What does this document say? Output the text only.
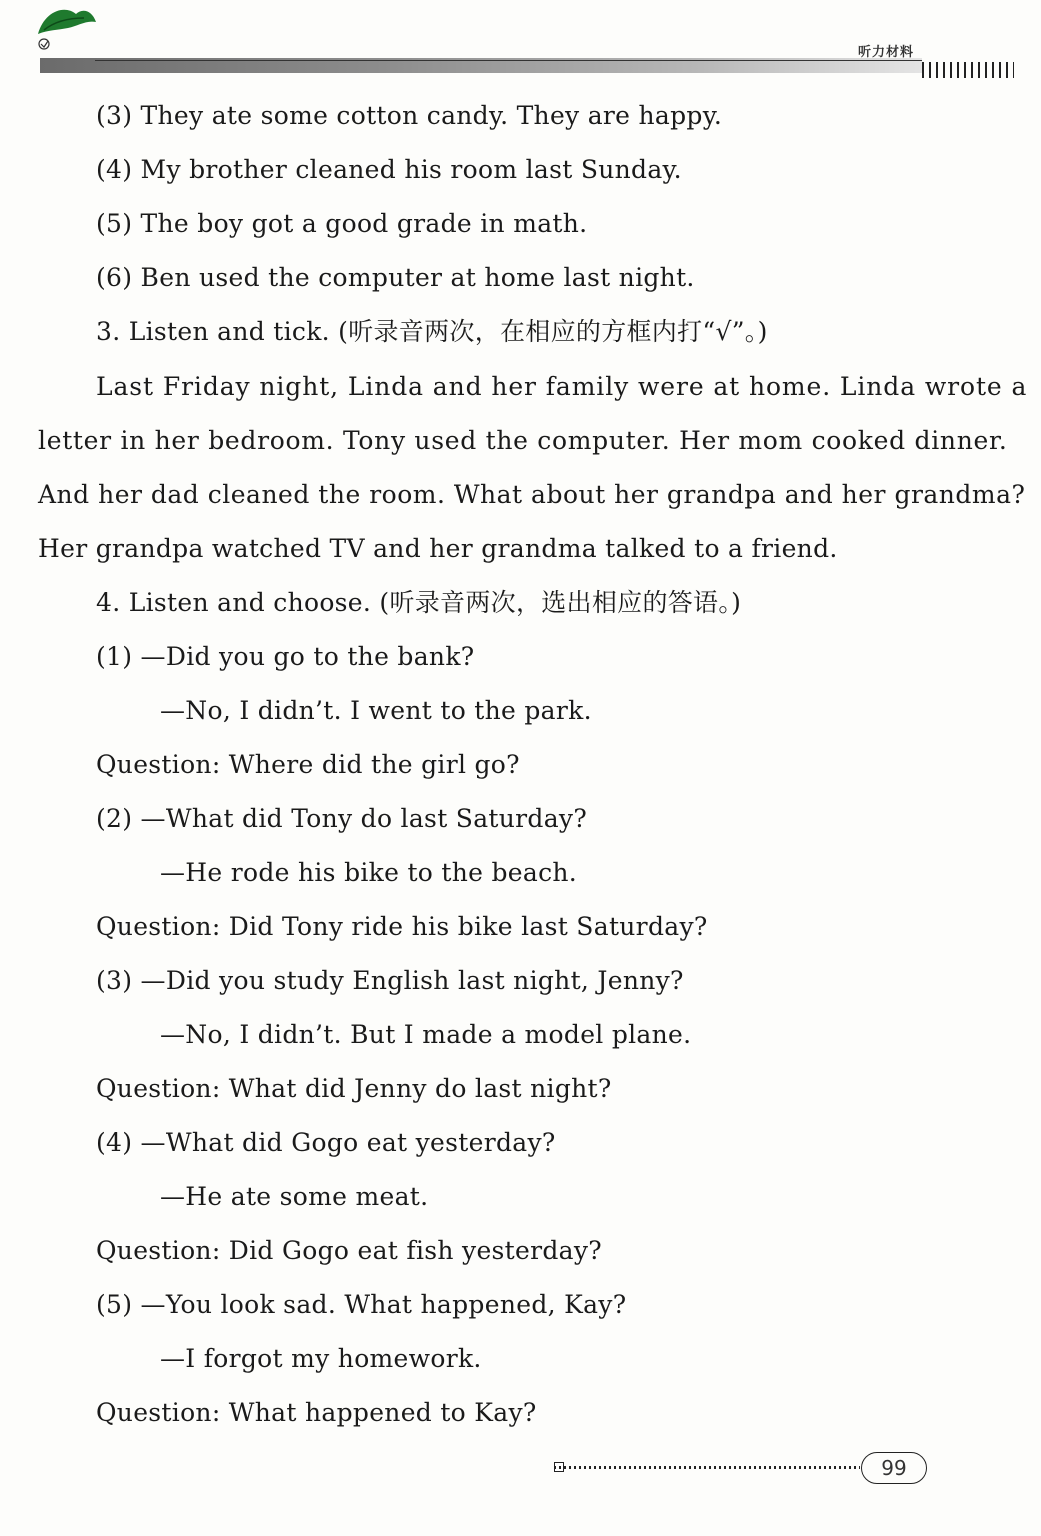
听力材料
(3) They ate some cotton candy. They are happy.
(4) My brother cleaned his room last Sunday.
(5) The boy got a good grade in math.
(6) Ben used the computer at home last night.
3. Listen and tick. (听录音两次，在相应的方框内打“√”。)
Last Friday night, Linda and her family were at home. Linda wrote a
letter in her bedroom. Tony used the computer. Her mom cooked dinner.
And her dad cleaned the room. What about her grandpa and her grandma?
Her grandpa watched TV and her grandma talked to a friend.
4. Listen and choose. (听录音两次，选出相应的答语。)
(1) —Did you go to the bank?
—No, I didn’t. I went to the park.
Question: Where did the girl go?
(2) —What did Tony do last Saturday?
—He rode his bike to the beach.
Question: Did Tony ride his bike last Saturday?
(3) —Did you study English last night, Jenny?
—No, I didn’t. But I made a model plane.
Question: What did Jenny do last night?
(4) —What did Gogo eat yesterday?
—He ate some meat.
Question: Did Gogo eat fish yesterday?
(5) —You look sad. What happened, Kay?
—I forgot my homework.
Question: What happened to Kay?
99
